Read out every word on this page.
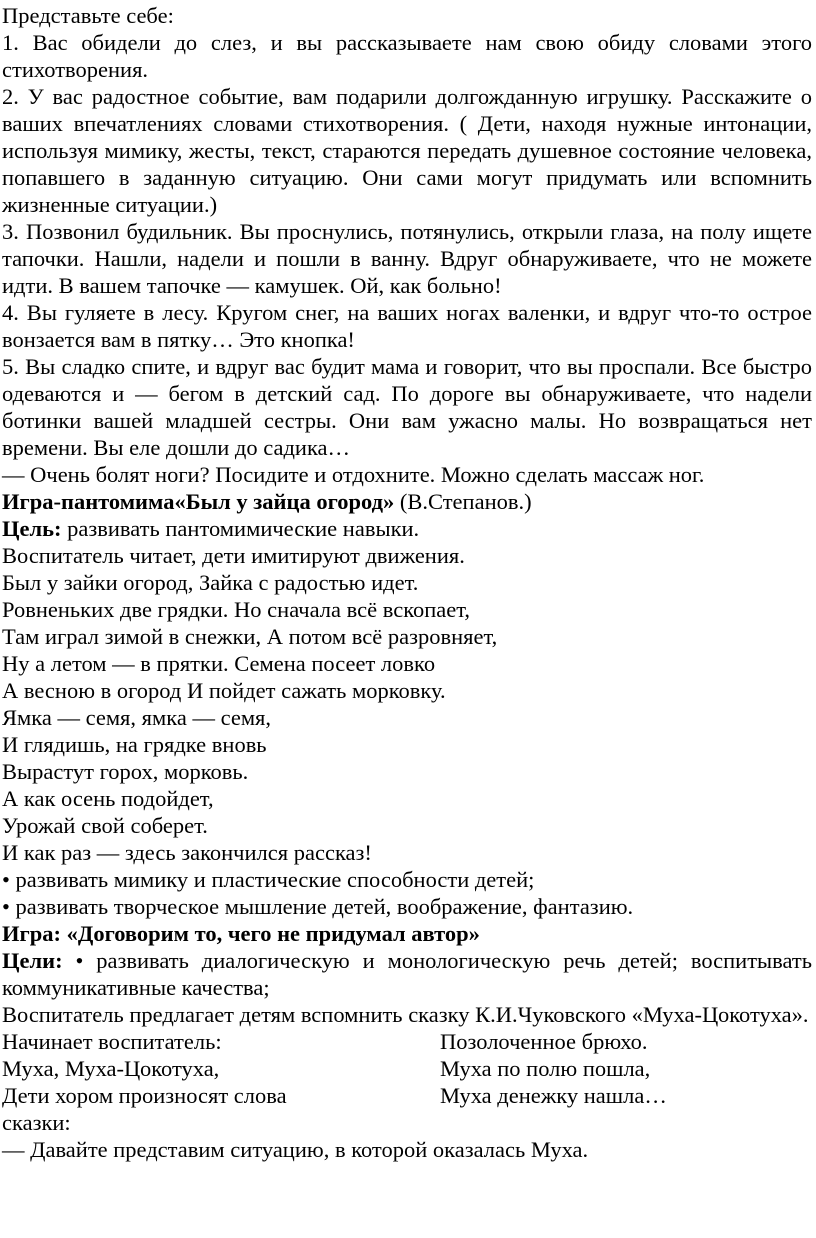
Представьте себе:

1. Вас обидели до слез, и вы рассказываете нам свою обиду словами этого стихотворения.

2. У вас радостное событие, вам подарили долгожданную игрушку. Расскажите о ваших впечатлениях словами стихотворения. ( Дети, находя нужные интонации, используя мимику, жесты, текст, стараются передать душевное состояние человека, попавшего в заданную ситуацию. Они сами могут придумать или вспомнить жизненные ситуации.)

3. Позвонил будильник. Вы проснулись, потянулись, открыли глаза, на полу ищете тапочки. Нашли, надели и пошли в ванну. Вдруг обнаруживаете, что не можете идти. В вашем тапочке — камушек. Ой, как больно!

4. Вы гуляете в лесу. Кругом снег, на ваших ногах валенки, и вдруг что-то острое вонзается вам в пятку… Это кнопка!

5. Вы сладко спите, и вдруг вас будит мама и говорит, что вы проспали. Все быстро одеваются и — бегом в детский сад. По дороге вы обнаруживаете, что надели ботинки вашей младшей сестры. Они вам ужасно малы. Но возвращаться нет времени. Вы еле дошли до садика…

— Очень болят ноги? Посидите и отдохните. Можно сделать массаж ног.

Игра-пантомима«Был у зайца огород» (В.Степанов.)

Цель: развивать пантомимические навыки.

Воспитатель читает, дети имитируют движения.

Был у зайки огород, Зайка с радостью идет.

Ровненьких две грядки. Но сначала всё вскопает,

Там играл зимой в снежки, А потом всё разровняет,

Ну а летом — в прятки. Семена посеет ловко

А весною в огород И пойдет сажать морковку.

Ямка — семя, ямка — семя,

И глядишь, на грядке вновь

Вырастут горох, морковь.

А как осень подойдет,

Урожай свой соберет.

И как раз — здесь закончился рассказ!

• развивать мимику и пластические способности детей;

• развивать творческое мышление детей, воображение, фантазию.

Игра: «Договорим то, чего не придумал автор»

Цели: • развивать диалогическую и монологическую речь детей; воспитывать коммуникативные качества;

Воспитатель предлагает детям вспомнить сказку К.И.Чуковского «Муха-Цокотуха».

Начинает воспитатель:

Муха, Муха-Цокотуха,

Дети хором произносят слова

сказки:

Позолоченное брюхо.

Муха по полю пошла,

Муха денежку нашла…

— Давайте представим ситуацию, в которой оказалась Муха.
